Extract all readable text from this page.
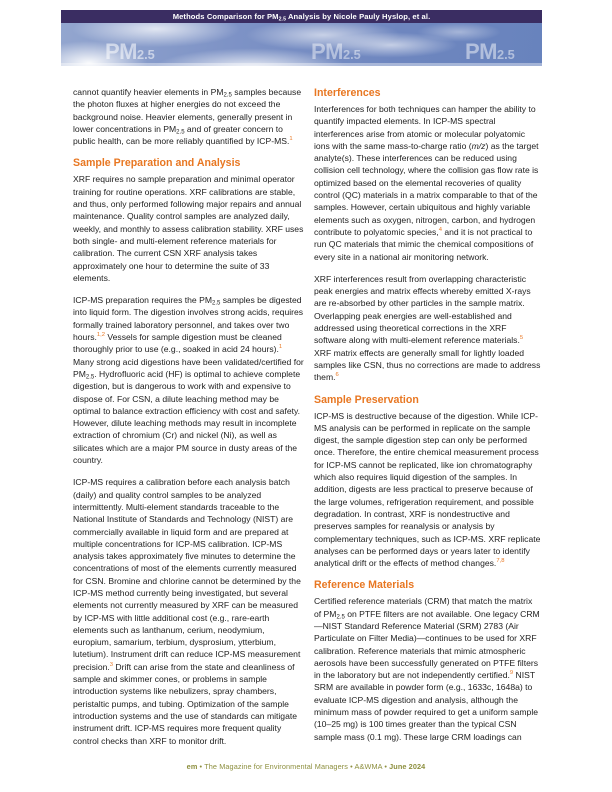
Methods Comparison for $PM_{2.5}$ Analysis by Nicole Pauly Hyslop, et al.
PM2.5	PM2.5	PM2.5

cannot quantify heavier elements in $PM_{2.5}$ samples because the photon fluxes at higher energies do not exceed the background noise. Heavier elements, generally present in lower concentrations in $PM_{2.5}$ and of greater concern to public health, can be more reliably quantified by ICP-MS.$^1$

Sample Preparation and Analysis

XRF requires no sample preparation and minimal operator training for routine operations. XRF calibrations are stable, and thus, only performed following major repairs and annual maintenance. Quality control samples are analyzed daily, weekly, and monthly to assess calibration stability. XRF uses both single- and multi-element reference materials for calibration. The current CSN XRF analysis takes approximately one hour to determine the suite of 33 elements.

ICP-MS preparation requires the $PM_{2.5}$ samples be digested into liquid form. The digestion involves strong acids, requires formally trained laboratory personnel, and takes over two hours.$^{1,2}$ Vessels for sample digestion must be cleaned thoroughly prior to use (e.g., soaked in acid 24 hours).$^1$ Many strong acid digestions have been validated/certified for $PM_{2.5}$. Hydrofluoric acid (HF) is optimal to achieve complete digestion, but is dangerous to work with and expensive to dispose of. For CSN, a dilute leaching method may be optimal to balance extraction efficiency with cost and safety. However, dilute leaching methods may result in incomplete extraction of chromium (Cr) and nickel (Ni), as well as silicates which are a major PM source in dusty areas of the country.

ICP-MS requires a calibration before each analysis batch (daily) and quality control samples to be analyzed intermittently. Multi-element standards traceable to the National Institute of Standards and Technology (NIST) are commercially available in liquid form and are prepared at multiple concentrations for ICP-MS calibration. ICP-MS analysis takes approximately five minutes to determine the concentrations of most of the elements currently measured for CSN. Bromine and chlorine cannot be determined by the ICP-MS method currently being investigated, but several elements not currently measured by XRF can be measured by ICP-MS with little additional cost (e.g., rare-earth elements such as lanthanum, cerium, neodymium, europium, samarium, terbium, dysprosium, ytterbium, lutetium). Instrument drift can reduce ICP-MS measurement precision.$^3$ Drift can arise from the state and cleanliness of sample and skimmer cones, or problems in sample introduction systems like nebulizers, spray chambers, peristaltic pumps, and tubing. Optimization of the sample introduction systems and the use of standards can mitigate instrument drift. ICP-MS requires more frequent quality control checks than XRF to monitor drift.

Interferences

Interferences for both techniques can hamper the ability to quantify impacted elements. In ICP-MS spectral interferences arise from atomic or molecular polyatomic ions with the same mass-to-charge ratio (m/z) as the target analyte(s). These interferences can be reduced using collision cell technology, where the collision gas flow rate is optimized based on the elemental recoveries of quality control (QC) materials in a matrix comparable to that of the samples. However, certain ubiquitous and highly variable elements such as oxygen, nitrogen, carbon, and hydrogen contribute to polyatomic species,$^4$ and it is not practical to run QC materials that mimic the chemical compositions of every site in a national air monitoring network.

XRF interferences result from overlapping characteristic peak energies and matrix effects whereby emitted X-rays are re-absorbed by other particles in the sample matrix. Overlapping peak energies are well-established and addressed using theoretical corrections in the XRF software along with multi-element reference materials.$^5$ XRF matrix effects are generally small for lightly loaded samples like CSN, thus no corrections are made to address them.$^6$

Sample Preservation

ICP-MS is destructive because of the digestion. While ICP-MS analysis can be performed in replicate on the sample digest, the sample digestion step can only be performed once. Therefore, the entire chemical measurement process for ICP-MS cannot be replicated, like ion chromatography which also requires liquid digestion of the samples. In addition, digests are less practical to preserve because of the large volumes, refrigeration requirement, and possible degradation. In contrast, XRF is nondestructive and preserves samples for reanalysis or analysis by complementary techniques, such as ICP-MS. XRF replicate analyses can be performed days or years later to identify analytical drift or the effects of method changes.$^{7,8}$

Reference Materials

Certified reference materials (CRM) that match the matrix of $PM_{2.5}$ on PTFE filters are not available. One legacy CRM—NIST Standard Reference Material (SRM) 2783 (Air Particulate on Filter Media)—continues to be used for XRF calibration. Reference materials that mimic atmospheric aerosols have been successfully generated on PTFE filters in the laboratory but are not independently certified.$^9$ NIST SRM are available in powder form (e.g., 1633c, 1648a) to evaluate ICP-MS digestion and analysis, although the minimum mass of powder required to get a uniform sample (10–25 mg) is 100 times greater than the typical CSN sample mass (0.1 mg). These large CRM loadings can

em • The Magazine for Environmental Managers • A&WMA • June 2024
